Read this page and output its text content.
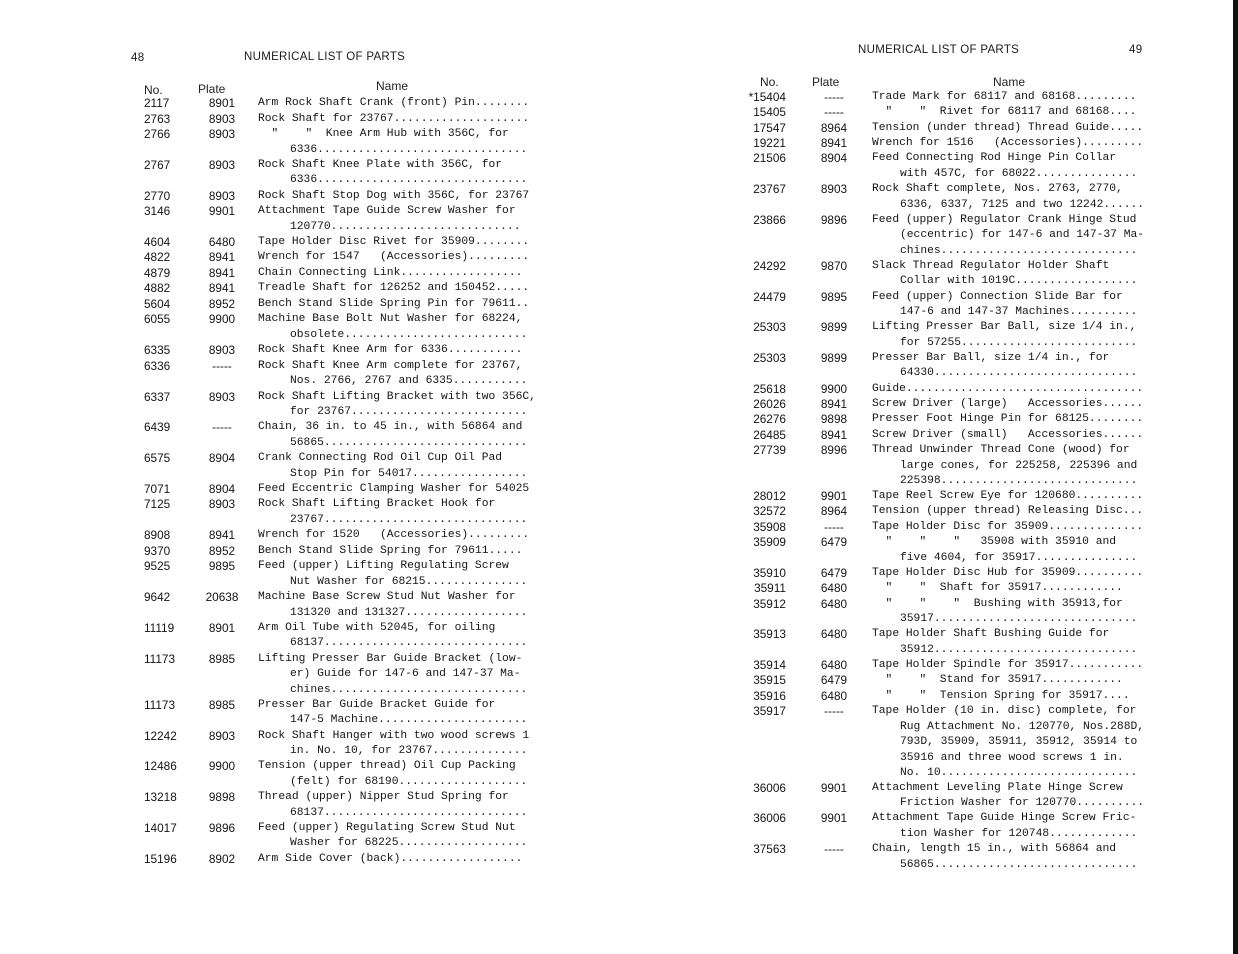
48	NUMERICAL LIST OF PARTS
No.	Plate	Name
2117	8901	Arm Rock Shaft Crank (front) Pin........
2763	8903	Rock Shaft for 23767....................
2766	8903	"    "  Knee Arm Hub with 356C, for
6336...............................
2767	8903	Rock Shaft Knee Plate with 356C, for
6336...............................
2770	8903	Rock Shaft Stop Dog with 356C, for 23767
3146	9901	Attachment Tape Guide Screw Washer for
120770............................
4604	6480	Tape Holder Disc Rivet for 35909........
4822	8941	Wrench for 1547   (Accessories).........
4879	8941	Chain Connecting Link..................
4882	8941	Treadle Shaft for 126252 and 150452.....
5604	8952	Bench Stand Slide Spring Pin for 79611..
6055	9900	Machine Base Bolt Nut Washer for 68224,
obsolete...........................
6335	8903	Rock Shaft Knee Arm for 6336...........
6336	-----	Rock Shaft Knee Arm complete for 23767,
Nos. 2766, 2767 and 6335...........
6337	8903	Rock Shaft Lifting Bracket with two 356C,
for 23767..........................
6439	-----	Chain, 36 in. to 45 in., with 56864 and
56865..............................
6575	8904	Crank Connecting Rod Oil Cup Oil Pad
Stop Pin for 54017.................
7071	8904	Feed Eccentric Clamping Washer for 54025
7125	8903	Rock Shaft Lifting Bracket Hook for
23767..............................
8908	8941	Wrench for 1520   (Accessories).........
9370	8952	Bench Stand Slide Spring for 79611.....
9525	9895	Feed (upper) Lifting Regulating Screw
Nut Washer for 68215...............
9642	20638	Machine Base Screw Stud Nut Washer for
131320 and 131327..................
11119	8901	Arm Oil Tube with 52045, for oiling
68137..............................
11173	8985	Lifting Presser Bar Guide Bracket (low-
er) Guide for 147-6 and 147-37 Ma-
chines.............................
11173	8985	Presser Bar Guide Bracket Guide for
147-5 Machine......................
12242	8903	Rock Shaft Hanger with two wood screws 1
in. No. 10, for 23767..............
12486	9900	Tension (upper thread) Oil Cup Packing
(felt) for 68190...................
13218	9898	Thread (upper) Nipper Stud Spring for
68137..............................
14017	9896	Feed (upper) Regulating Screw Stud Nut
Washer for 68225...................
15196	8902	Arm Side Cover (back)..................
NUMERICAL LIST OF PARTS	49
No.	Plate	Name
*15404	-----	Trade Mark for 68117 and 68168.........
15405	-----	"    "  Rivet for 68117 and 68168....
17547	8964	Tension (under thread) Thread Guide.....
19221	8941	Wrench for 1516   (Accessories).........
21506	8904	Feed Connecting Rod Hinge Pin Collar
with 457C, for 68022...............
23767	8903	Rock Shaft complete, Nos. 2763, 2770,
6336, 6337, 7125 and two 12242......
23866	9896	Feed (upper) Regulator Crank Hinge Stud
(eccentric) for 147-6 and 147-37 Ma-
chines.............................
24292	9870	Slack Thread Regulator Holder Shaft
Collar with 1019C..................
24479	9895	Feed (upper) Connection Slide Bar for
147-6 and 147-37 Machines..........
25303	9899	Lifting Presser Bar Ball, size 1/4 in.,
for 57255..........................
25303	9899	Presser Bar Ball, size 1/4 in., for
64330..............................
25618	9900	Guide...................................
26026	8941	Screw Driver (large)   Accessories......
26276	9898	Presser Foot Hinge Pin for 68125........
26485	8941	Screw Driver (small)   Accessories......
27739	8996	Thread Unwinder Thread Cone (wood) for
large cones, for 225258, 225396 and
225398.............................
28012	9901	Tape Reel Screw Eye for 120680..........
32572	8964	Tension (upper thread) Releasing Disc...
35908	-----	Tape Holder Disc for 35909..............
35909	6479	"    "    "   35908 with 35910 and
five 4604, for 35917...............
35910	6479	Tape Holder Disc Hub for 35909..........
35911	6480	"    "  Shaft for 35917............
35912	6480	"    "    "  Bushing with 35913,for
35917..............................
35913	6480	Tape Holder Shaft Bushing Guide for
35912..............................
35914	6480	Tape Holder Spindle for 35917...........
35915	6479	"    "  Stand for 35917............
35916	6480	"    "  Tension Spring for 35917....
35917	-----	Tape Holder (10 in. disc) complete, for
Rug Attachment No. 120770, Nos.288D,
793D, 35909, 35911, 35912, 35914 to
35916 and three wood screws 1 in.
No. 10.............................
36006	9901	Attachment Leveling Plate Hinge Screw
Friction Washer for 120770..........
36006	9901	Attachment Tape Guide Hinge Screw Fric-
tion Washer for 120748.............
37563	-----	Chain, length 15 in., with 56864 and
56865..............................
